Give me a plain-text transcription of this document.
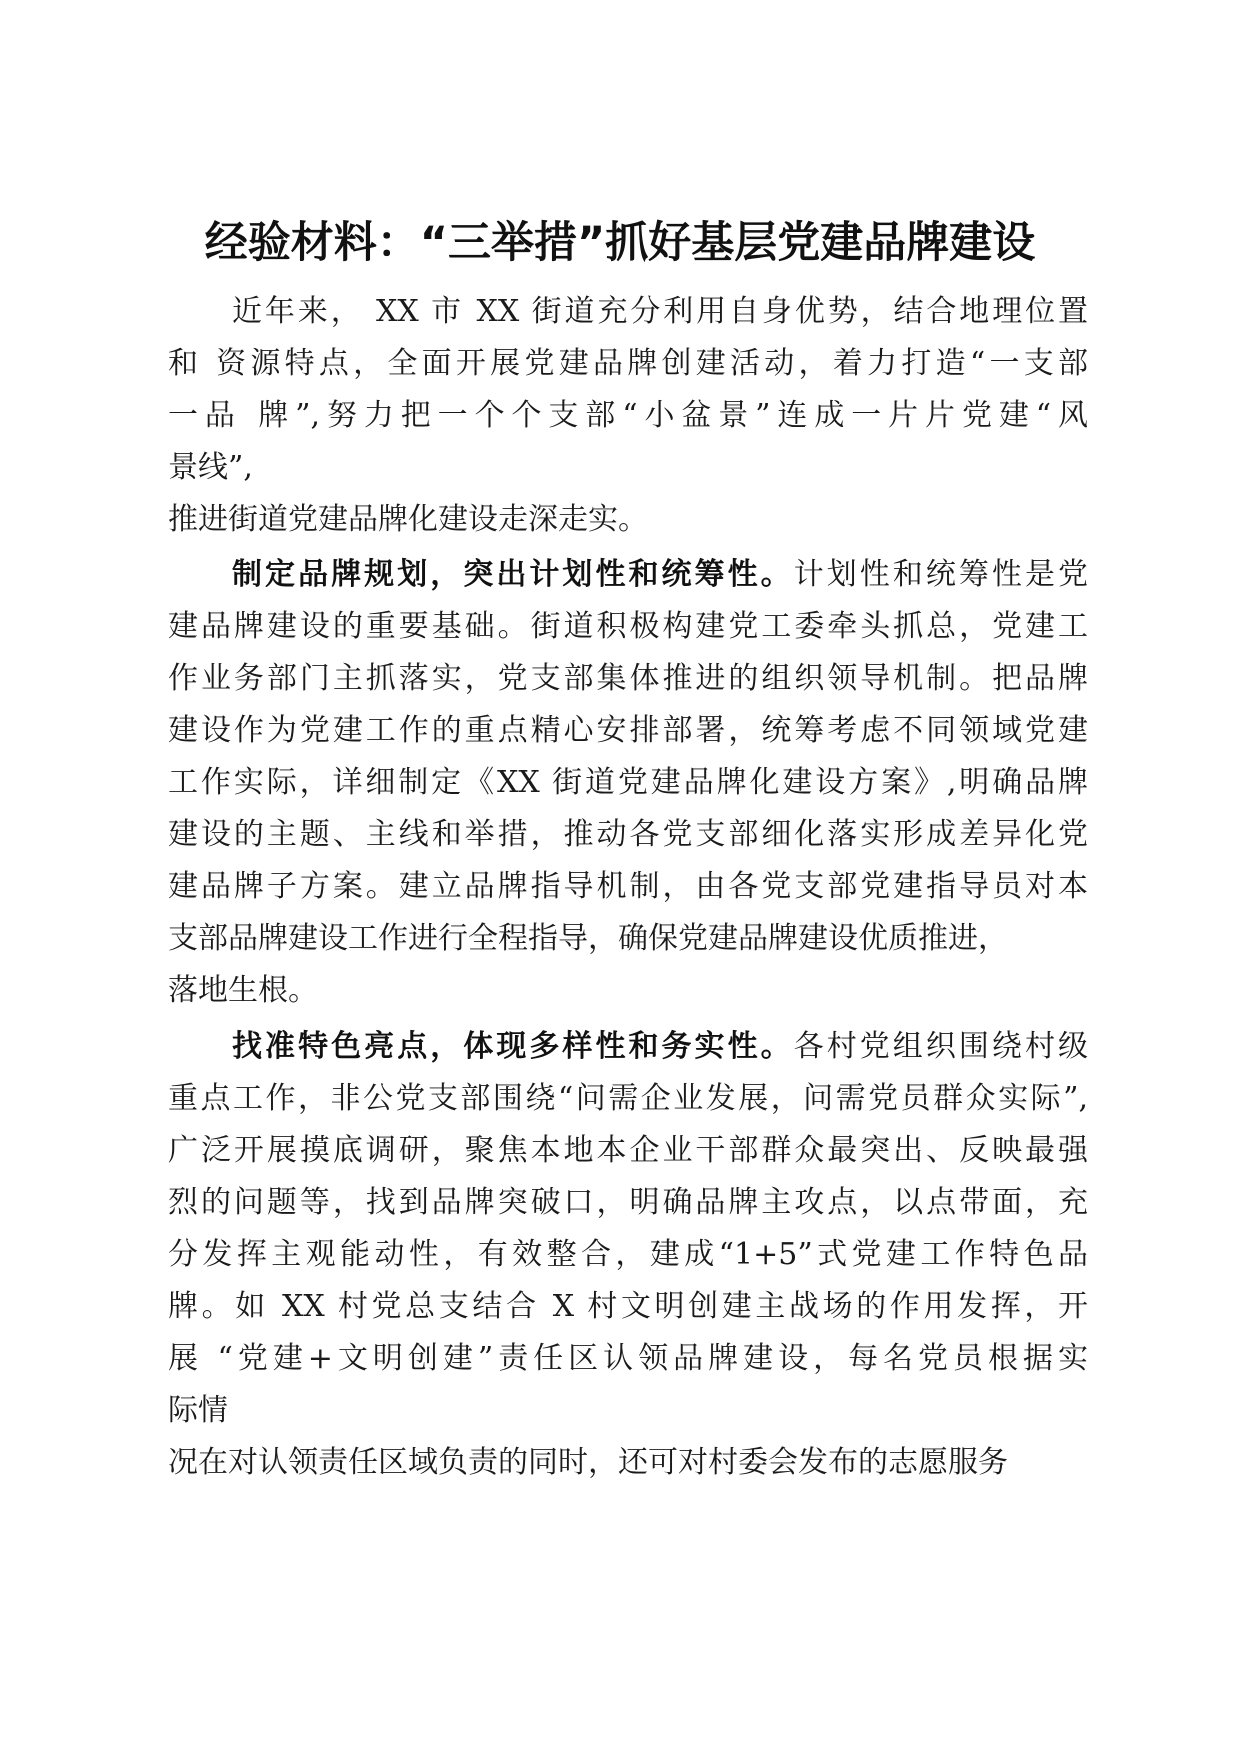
经验材料：“三举措”抓好基层党建品牌建设
近年来， XX 市 XX 街道充分利用自身优势，结合地理位置
和 资源特点，全面开展党建品牌创建活动，着力打造“一支部
一品 牌”,努力把一个个支部“小盆景”连成一片片党建“风
景线”,
推进街道党建品牌化建设走深走实。
制定品牌规划，突出计划性和统筹性。计划性和统筹性是党
建品牌建设的重要基础。街道积极构建党工委牵头抓总，党建工
作业务部门主抓落实，党支部集体推进的组织领导机制。把品牌
建设作为党建工作的重点精心安排部署，统筹考虑不同领域党建
工作实际，详细制定《XX 街道党建品牌化建设方案》,明确品牌
建设的主题、主线和举措，推动各党支部细化落实形成差异化党
建品牌子方案。建立品牌指导机制，由各党支部党建指导员对本
支部品牌建设工作进行全程指导，确保党建品牌建设优质推进，
落地生根。
找准特色亮点，体现多样性和务实性。各村党组织围绕村级
重点工作，非公党支部围绕“问需企业发展，问需党员群众实际”,
广泛开展摸底调研，聚焦本地本企业干部群众最突出、反映最强
烈的问题等，找到品牌突破口，明确品牌主攻点，以点带面，充
分发挥主观能动性，有效整合，建成“1+5”式党建工作特色品
牌。如 XX 村党总支结合 X 村文明创建主战场的作用发挥，开
展 “党建+文明创建”责任区认领品牌建设，每名党员根据实
际情
况在对认领责任区域负责的同时，还可对村委会发布的志愿服务
